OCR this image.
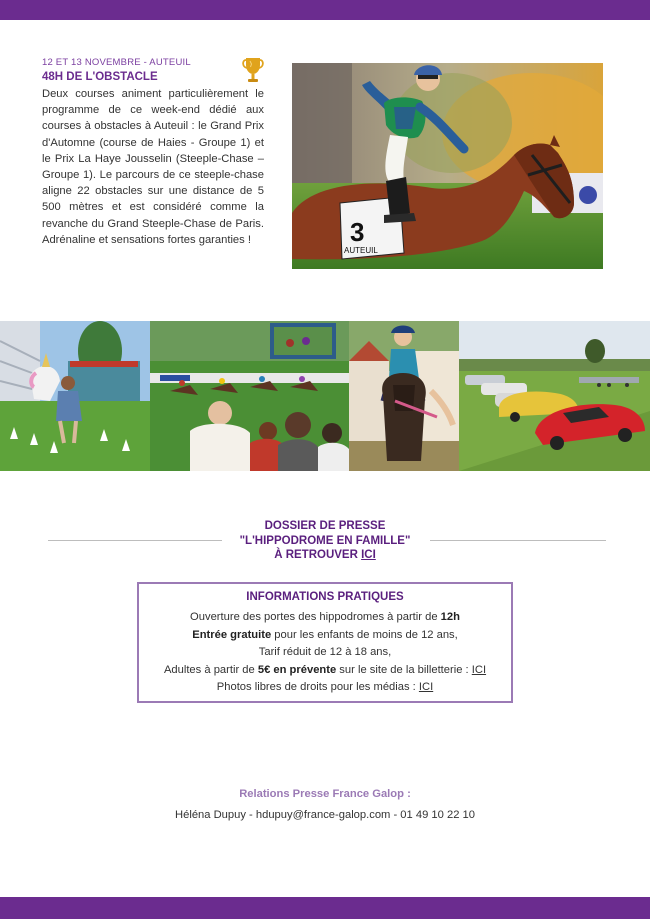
12 ET 13 NOVEMBRE - AUTEUIL
48H DE L'OBSTACLE

Deux courses animent particulièrement le programme de ce week-end dédié aux courses à obstacles à Auteuil : le Grand Prix d'Automne (course de Haies - Groupe 1) et le Prix La Haye Jousselin (Steeple-Chase – Groupe 1). Le parcours de ce steeple-chase aligne 22 obstacles sur une distance de 5 500 mètres et est considéré comme la revanche du Grand Steeple-Chase de Paris. Adrénaline et sensations fortes garanties !	3
AUTEUIL
DOSSIER DE PRESSE
"L'HIPPODROME EN FAMILLE"
À RETROUVER ICI
INFORMATIONS PRATIQUES
Ouverture des portes des hippodromes à partir de 12h
Entrée gratuite pour les enfants de moins de 12 ans,
Tarif réduit de 12 à 18 ans,
Adultes à partir de 5€ en prévente sur le site de la billetterie : ICI
Photos libres de droits pour les médias : ICI
Relations Presse France Galop :
Héléna Dupuy - hdupuy@france-galop.com - 01 49 10 22 10
